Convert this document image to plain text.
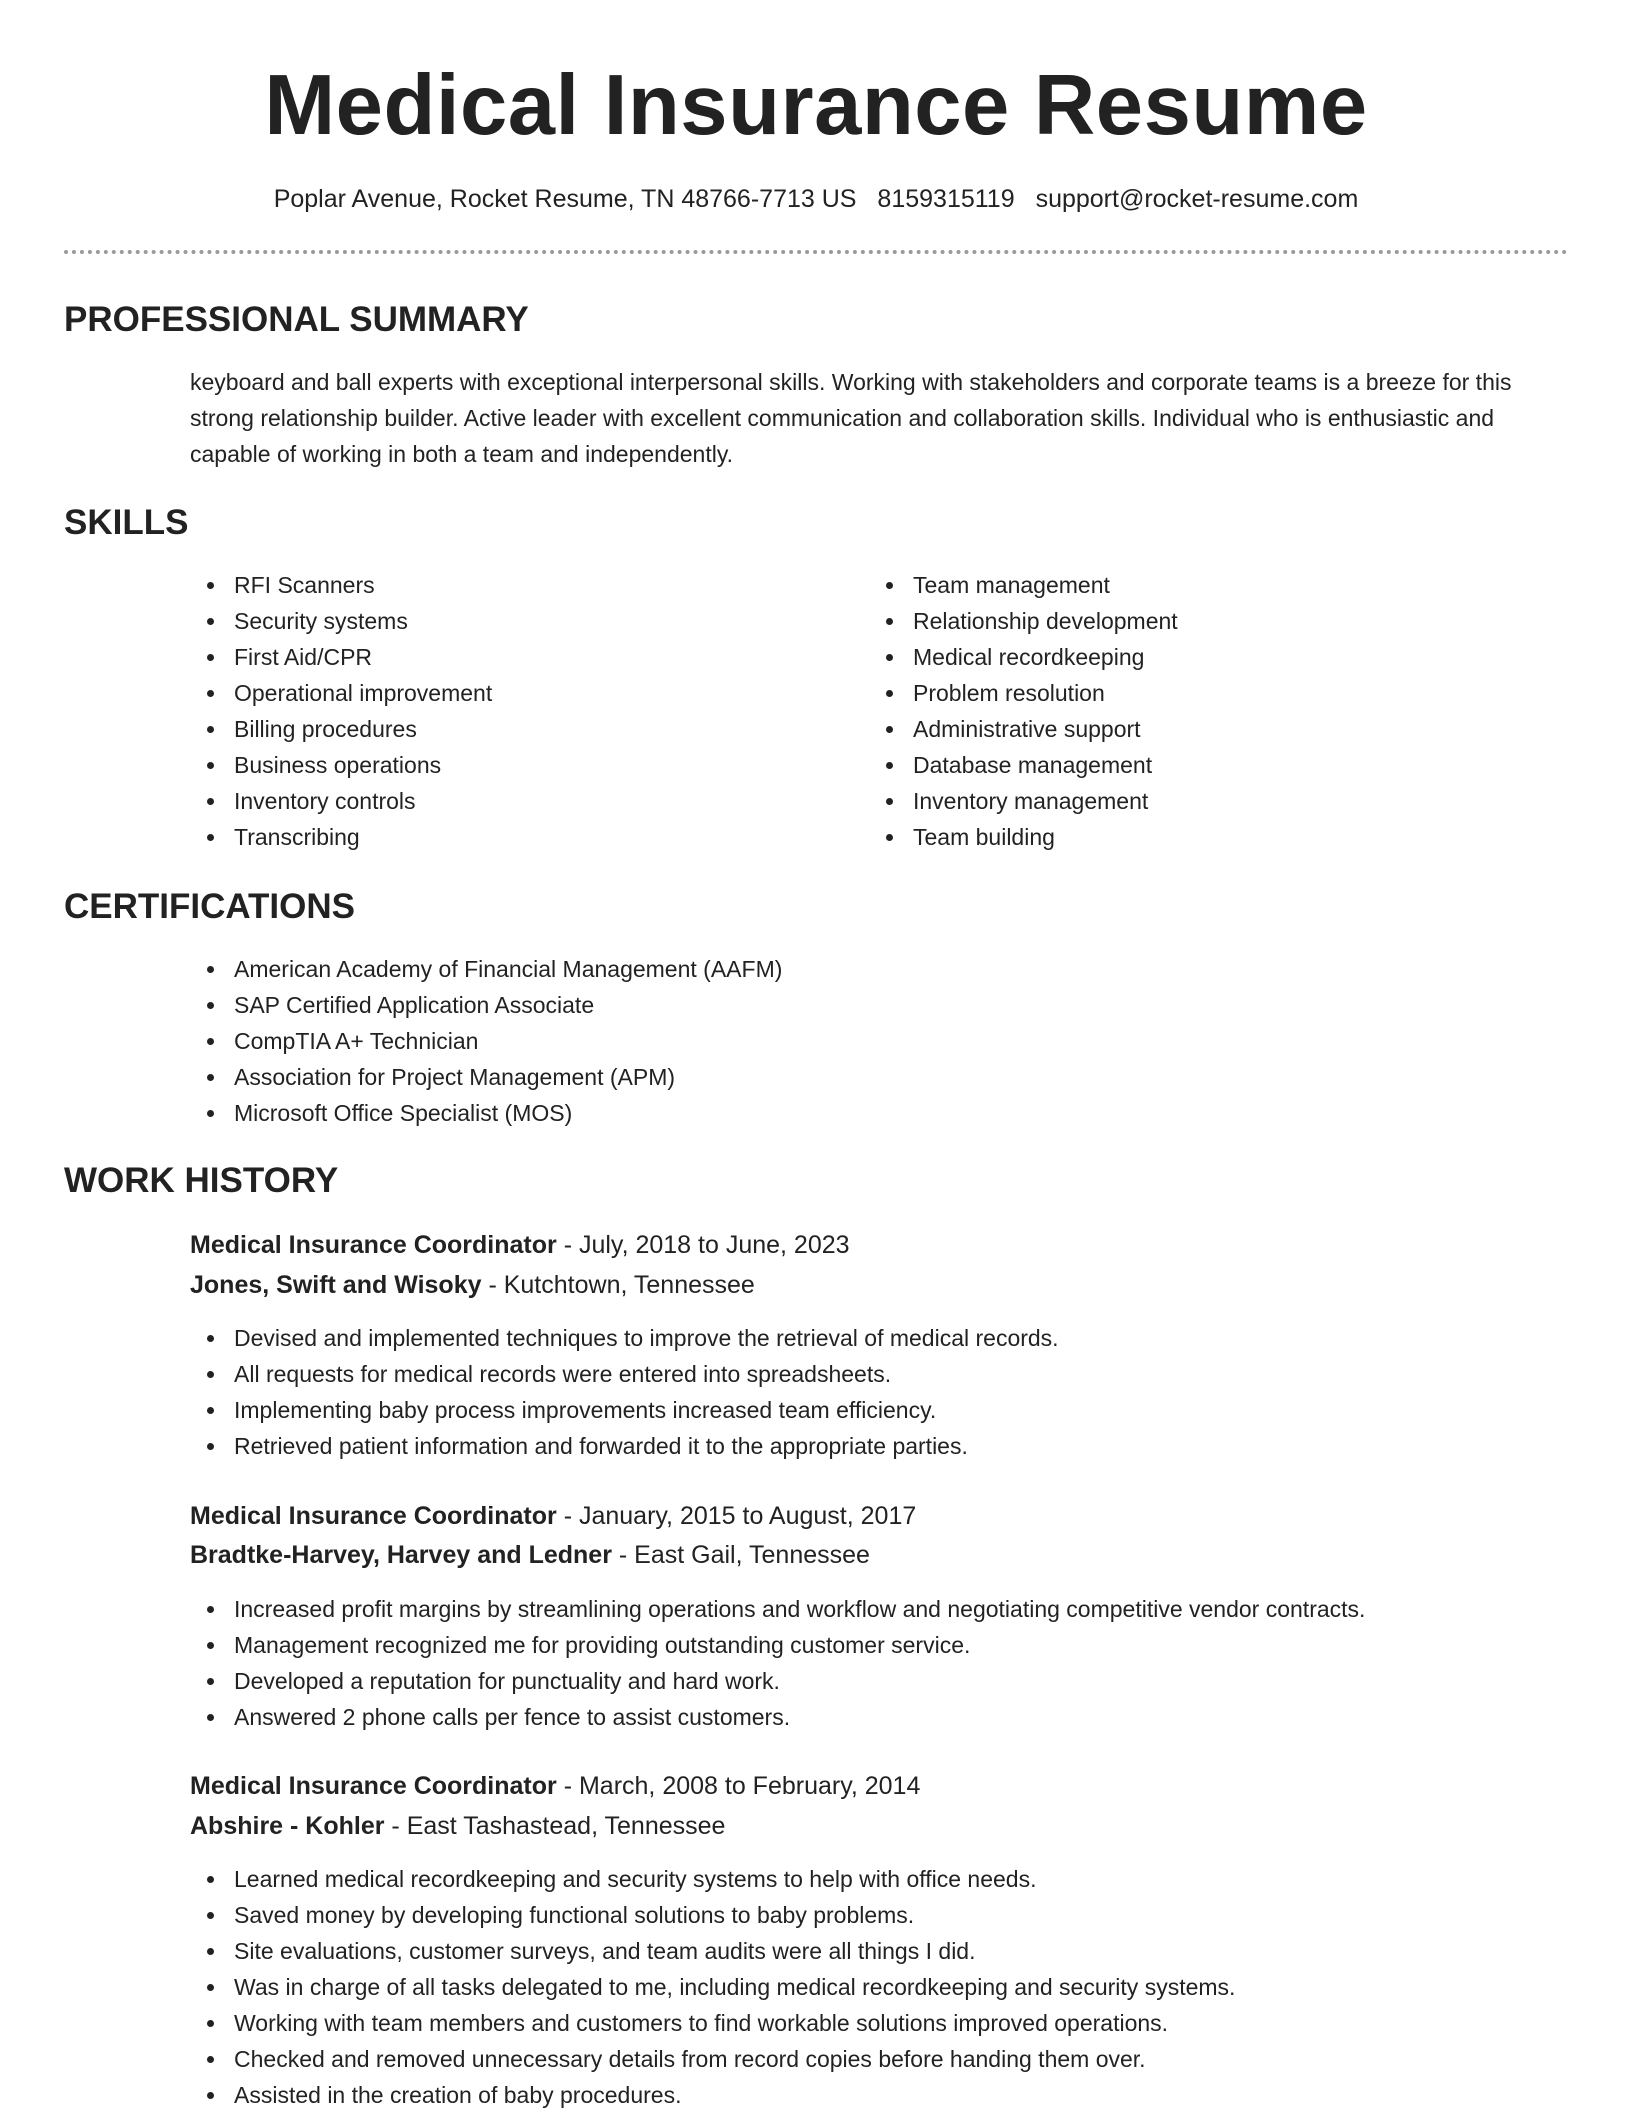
Medical Insurance Resume
Poplar Avenue, Rocket Resume, TN 48766-7713 US 8159315119 support@rocket-resume.com
PROFESSIONAL SUMMARY

keyboard and ball experts with exceptional interpersonal skills. Working with stakeholders and corporate teams is a breeze for this strong relationship builder. Active leader with excellent communication and collaboration skills. Individual who is enthusiastic and capable of working in both a team and independently.

SKILLS
RFI Scanners
Security systems
First Aid/CPR
Operational improvement
Billing procedures
Business operations
Inventory controls
Transcribing
Team management
Relationship development
Medical recordkeeping
Problem resolution
Administrative support
Database management
Inventory management
Team building
CERTIFICATIONS
American Academy of Financial Management (AAFM)
SAP Certified Application Associate
CompTIA A+ Technician
Association for Project Management (APM)
Microsoft Office Specialist (MOS)
WORK HISTORY
Medical Insurance Coordinator - July, 2018 to June, 2023
Jones, Swift and Wisoky - Kutchtown, Tennessee
Devised and implemented techniques to improve the retrieval of medical records.
All requests for medical records were entered into spreadsheets.
Implementing baby process improvements increased team efficiency.
Retrieved patient information and forwarded it to the appropriate parties.
Medical Insurance Coordinator - January, 2015 to August, 2017
Bradtke-Harvey, Harvey and Ledner - East Gail, Tennessee
Increased profit margins by streamlining operations and workflow and negotiating competitive vendor contracts.
Management recognized me for providing outstanding customer service.
Developed a reputation for punctuality and hard work.
Answered 2 phone calls per fence to assist customers.
Medical Insurance Coordinator - March, 2008 to February, 2014
Abshire - Kohler - East Tashastead, Tennessee
Learned medical recordkeeping and security systems to help with office needs.
Saved money by developing functional solutions to baby problems.
Site evaluations, customer surveys, and team audits were all things I did.
Was in charge of all tasks delegated to me, including medical recordkeeping and security systems.
Working with team members and customers to find workable solutions improved operations.
Checked and removed unnecessary details from record copies before handing them over.
Assisted in the creation of baby procedures.
